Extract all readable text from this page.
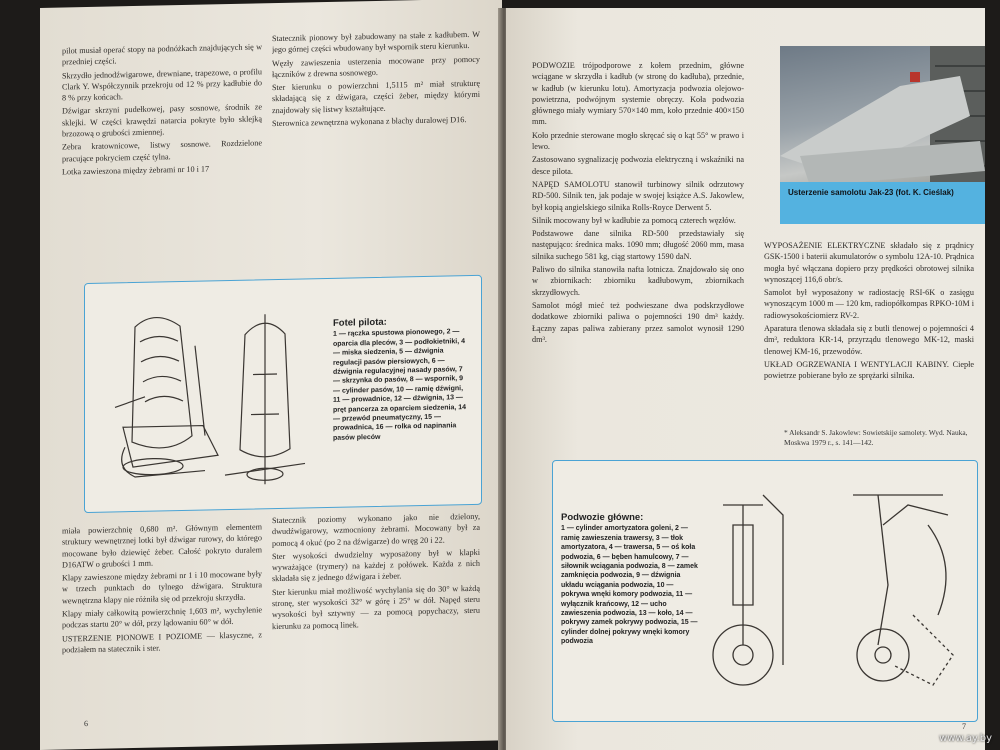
pilot musiał operać stopy na podnóżkach znajdujących się w przedniej części.

Skrzydło jednodźwigarowe, drewniane, trapezowe, o profilu Clark Y. Współczynnik przekroju od 12 % przy kadłubie do 8 % przy końcach.

Dźwigar skrzyni pudełkowej, pasy sosnowe, środnik ze sklejki. W części krawędzi natarcia pokryte było sklejką brzozową o grubości zmiennej.

Zebra kratownicowe, listwy sosnowe. Rozdzielone pracujące pokryciem część tylna.

Lotka zawieszona między żebrami nr 10 i 17

Statecznik pionowy był zabudowany na stałe z kadłubem. W jego górnej części wbudowany był wspornik steru kierunku.

Węzły zawieszenia usterzenia mocowane przy pomocy łączników z drewna sosnowego.

Ster kierunku o powierzchni 1,5115 m² miał strukturę składającą się z dźwigara, części żeber, między którymi znajdowały się listwy kształtujące.

Sterownica zewnętrzna wykonana z blachy duralowej D16.

Fotel pilota:
1 — rączka spustowa pionowego, 2 — oparcia dla pleców, 3 — podłokietniki, 4 — miska siedzenia, 5 — dźwignia regulacji pasów piersiowych, 6 — dźwignia regulacyjnej nasady pasów, 7 — skrzynka do pasów, 8 — wspornik, 9 — cylinder pasów, 10 — ramię dźwigni, 11 — prowadnice, 12 — dźwignia, 13 — pręt pancerza za oparciem siedzenia, 14 — przewód pneumatyczny, 15 — prowadnica, 16 — rolka od napinania pasów pleców

miała powierzchnię 0,680 m². Głównym elementem struktury wewnętrznej lotki był dźwigar rurowy, do którego mocowane było dziewięć żeber. Całość pokryto duralem D16ATW o grubości 1 mm.

Klapy zawieszone między żebrami nr 1 i 10 mocowane były w trzech punktach do tylnego dźwigara. Struktura wewnętrzna klapy nie różniła się od przekroju skrzydła.

Klapy miały całkowitą powierzchnię 1,603 m², wychylenie podczas startu 20° w dół, przy lądowaniu 60° w dół.

USTERZENIE PIONOWE I POZIOME — klasyczne, z podziałem na statecznik i ster.

Statecznik poziomy wykonano jako nie dzielony, dwudźwigarowy, wzmocniony żebrami. Mocowany był za pomocą 4 okuć (po 2 na dźwigarze) do wręg 20 i 22.

Ster wysokości dwudzielny wyposażony był w klapki wyważające (trymery) na każdej z połówek. Każda z nich składała się z jednego dźwigara i żeber.

Ster kierunku miał możliwość wychylania się do 30° w każdą stronę, ster wysokości 32° w górę i 25° w dół. Napęd steru wysokości był sztywny — za pomocą popychaczy, steru kierunku za pomocą linek.

6

PODWOZIE trójpodporowe z kołem przednim, główne wciągane w skrzydła i kadłub (w stronę do kadłuba), przednie, w kadłub (w kierunku lotu). Amortyzacja podwozia olejowo-powietrzna, podwójnym systemie obręczy. Koła podwozia głównego miały wymiary 570×140 mm, koło przednie 400×150 mm.

Koło przednie sterowane mogło skręcać się o kąt 55° w prawo i lewo.

Zastosowano sygnalizację podwozia elektryczną i wskaźniki na desce pilota.

NAPĘD SAMOLOTU stanowił turbinowy silnik odrzutowy RD-500. Silnik ten, jak podaje w swojej książce A.S. Jakowlew, był kopią angielskiego silnika Rolls-Royce Derwent 5.

Silnik mocowany był w kadłubie za pomocą czterech węzłów.

Podstawowe dane silnika RD-500 przedstawiały się następująco: średnica maks. 1090 mm; długość 2060 mm, masa silnika suchego 581 kg, ciąg startowy 1590 daN.

Paliwo do silnika stanowiła nafta lotnicza. Znajdowało się ono w zbiornikach: zbiorniku kadłubowym, zbiornikach skrzydłowych.

Samolot mógł mieć też podwieszane dwa podskrzydłowe dodatkowe zbiorniki paliwa o pojemności 190 dm³ każdy. Łączny zapas paliwa zabierany przez samolot wynosił 1290 dm³.

Usterzenie samolotu Jak-23 (fot. K. Cieślak)

WYPOSAŻENIE ELEKTRYCZNE składało się z prądnicy GSK-1500 i baterii akumulatorów o symbolu 12A-10. Prądnica mogła być włączana dopiero przy prędkości obrotowej silnika wynoszącej 116,6 obr/s.

Samolot był wyposażony w radiostację RSI-6K o zasięgu wynoszącym 1000 m — 120 km, radiopółkompas RPKO-10M i radiowysokościomierz RV-2.

Aparatura tlenowa składała się z butli tlenowej o pojemności 4 dm³, reduktora KR-14, przyrządu tlenowego MK-12, maski tlenowej KM-16, przewodów.

UKŁAD OGRZEWANIA I WENTYLACJI KABINY. Ciepłe powietrze pobierane było ze sprężarki silnika.

* Aleksandr S. Jakowlew: Sowietskije samolety. Wyd. Nauka, Moskwa 1979 r., s. 141—142.
Podwozie główne:
1 — cylinder amortyzatora goleni, 2 — ramię zawieszenia trawersy, 3 — tłok amortyzatora, 4 — trawersa, 5 — oś koła podwozia, 6 — bęben hamulcowy, 7 — siłownik wciągania podwozia, 8 — zamek zamknięcia podwozia, 9 — dźwignia układu wciągania podwozia, 10 — pokrywa wnęki komory podwozia, 11 — wyłącznik krańcowy, 12 — ucho zawieszenia podwozia, 13 — koło, 14 — pokrywy zamek pokrywy podwozia, 15 — cylinder dolnej pokrywy wnęki komory podwozia
7
www.ay.by
